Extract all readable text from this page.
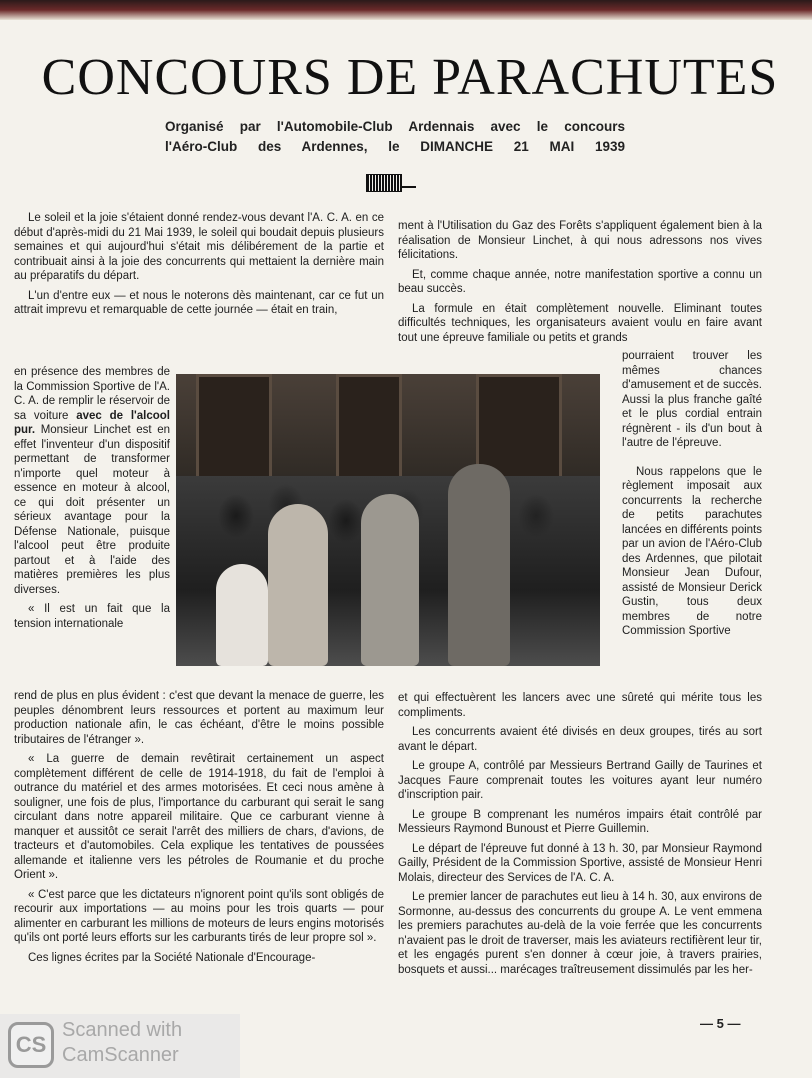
CONCOURS DE PARACHUTES
Organisé par l'Automobile-Club Ardennais avec le concours
l'Aéro-Club des Ardennes, le DIMANCHE 21 MAI 1939

Le soleil et la joie s'étaient donné rendez-vous devant l'A. C. A. en ce début d'après-midi du 21 Mai 1939, le soleil qui boudait depuis plusieurs semaines et qui aujourd'hui s'était mis délibérement de la partie et contribuait ainsi à la joie des concurrents qui mettaient la dernière main au préparatifs du départ.

L'un d'entre eux — et nous le noterons dès maintenant, car ce fut un attrait imprevu et remarquable de cette journée — était en train,

en présence des membres de la Commission Sportive de l'A. C. A. de remplir le réservoir de sa voiture avec de l'alcool pur. Monsieur Linchet est en effet l'inventeur d'un dispositif permettant de transformer n'importe quel moteur à essence en moteur à alcool, ce qui doit présenter un sérieux avantage pour la Défense Nationale, puisque l'alcool peut être produite partout et à l'aide des matières premières les plus diverses.

« Il est un fait que la tension internationale

rend de plus en plus évident : c'est que devant la menace de guerre, les peuples dénombrent leurs ressources et portent au maximum leur production nationale afin, le cas échéant, d'être le moins possible tributaires de l'étranger ».

« La guerre de demain revêtirait certainement un aspect complètement différent de celle de 1914-1918, du fait de l'emploi à outrance du matériel et des armes motorisées. Et ceci nous amène à souligner, une fois de plus, l'importance du carburant qui serait le sang circulant dans notre appareil militaire. Que ce carburant vienne à manquer et aussitôt ce serait l'arrêt des milliers de chars, d'avions, de tracteurs et d'automobiles. Cela explique les tentatives de poussées allemande et italienne vers les pétroles de Roumanie et du proche Orient ».

« C'est parce que les dictateurs n'ignorent point qu'ils sont obligés de recourir aux importations — au moins pour les trois quarts — pour alimenter en carburant les millions de moteurs de leurs engins motorisés qu'ils ont porté leurs efforts sur les carburants tirés de leur propre sol ».

Ces lignes écrites par la Société Nationale d'Encourage-

ment à l'Utilisation du Gaz des Forêts s'appliquent également bien à la réalisation de Monsieur Linchet, à qui nous adressons nos vives félicitations.

Et, comme chaque année, notre manifestation sportive a connu un beau succès.

La formule en était complètement nouvelle. Eliminant toutes difficultés techniques, les organisateurs avaient voulu en faire avant tout une épreuve familiale ou petits et grands

pourraient trouver les mêmes chances d'amusement et de succès. Aussi la plus franche gaîté et le plus cordial entrain régnèrent - ils d'un bout à l'autre de l'épreuve.

Nous rappelons que le règlement imposait aux concurrents la recherche de petits parachutes lancées en différents points par un avion de l'Aéro-Club des Ardennes, que pilotait Monsieur Jean Dufour, assisté de Monsieur Derick Gustin, tous deux membres de notre Commission Sportive

et qui effectuèrent les lancers avec une sûreté qui mérite tous les compliments.

Les concurrents avaient été divisés en deux groupes, tirés au sort avant le départ.

Le groupe A, contrôlé par Messieurs Bertrand Gailly de Taurines et Jacques Faure comprenait toutes les voitures ayant leur numéro d'inscription pair.

Le groupe B comprenant les numéros impairs était contrôlé par Messieurs Raymond Bunoust et Pierre Guillemin.

Le départ de l'épreuve fut donné à 13 h. 30, par Monsieur Raymond Gailly, Président de la Commission Sportive, assisté de Monsieur Henri Molais, directeur des Services de l'A. C. A.

Le premier lancer de parachutes eut lieu à 14 h. 30, aux environs de Sormonne, au-dessus des concurrents du groupe A. Le vent emmena les premiers parachutes au-delà de la voie ferrée que les concurrents n'avaient pas le droit de traverser, mais les aviateurs rectifièrent leur tir, et les engagés purent s'en donner à cœur joie, à travers prairies, bosquets et aussi... marécages traîtreusement dissimulés par les her-

— 5 —
CS
Scanned with
CamScanner
